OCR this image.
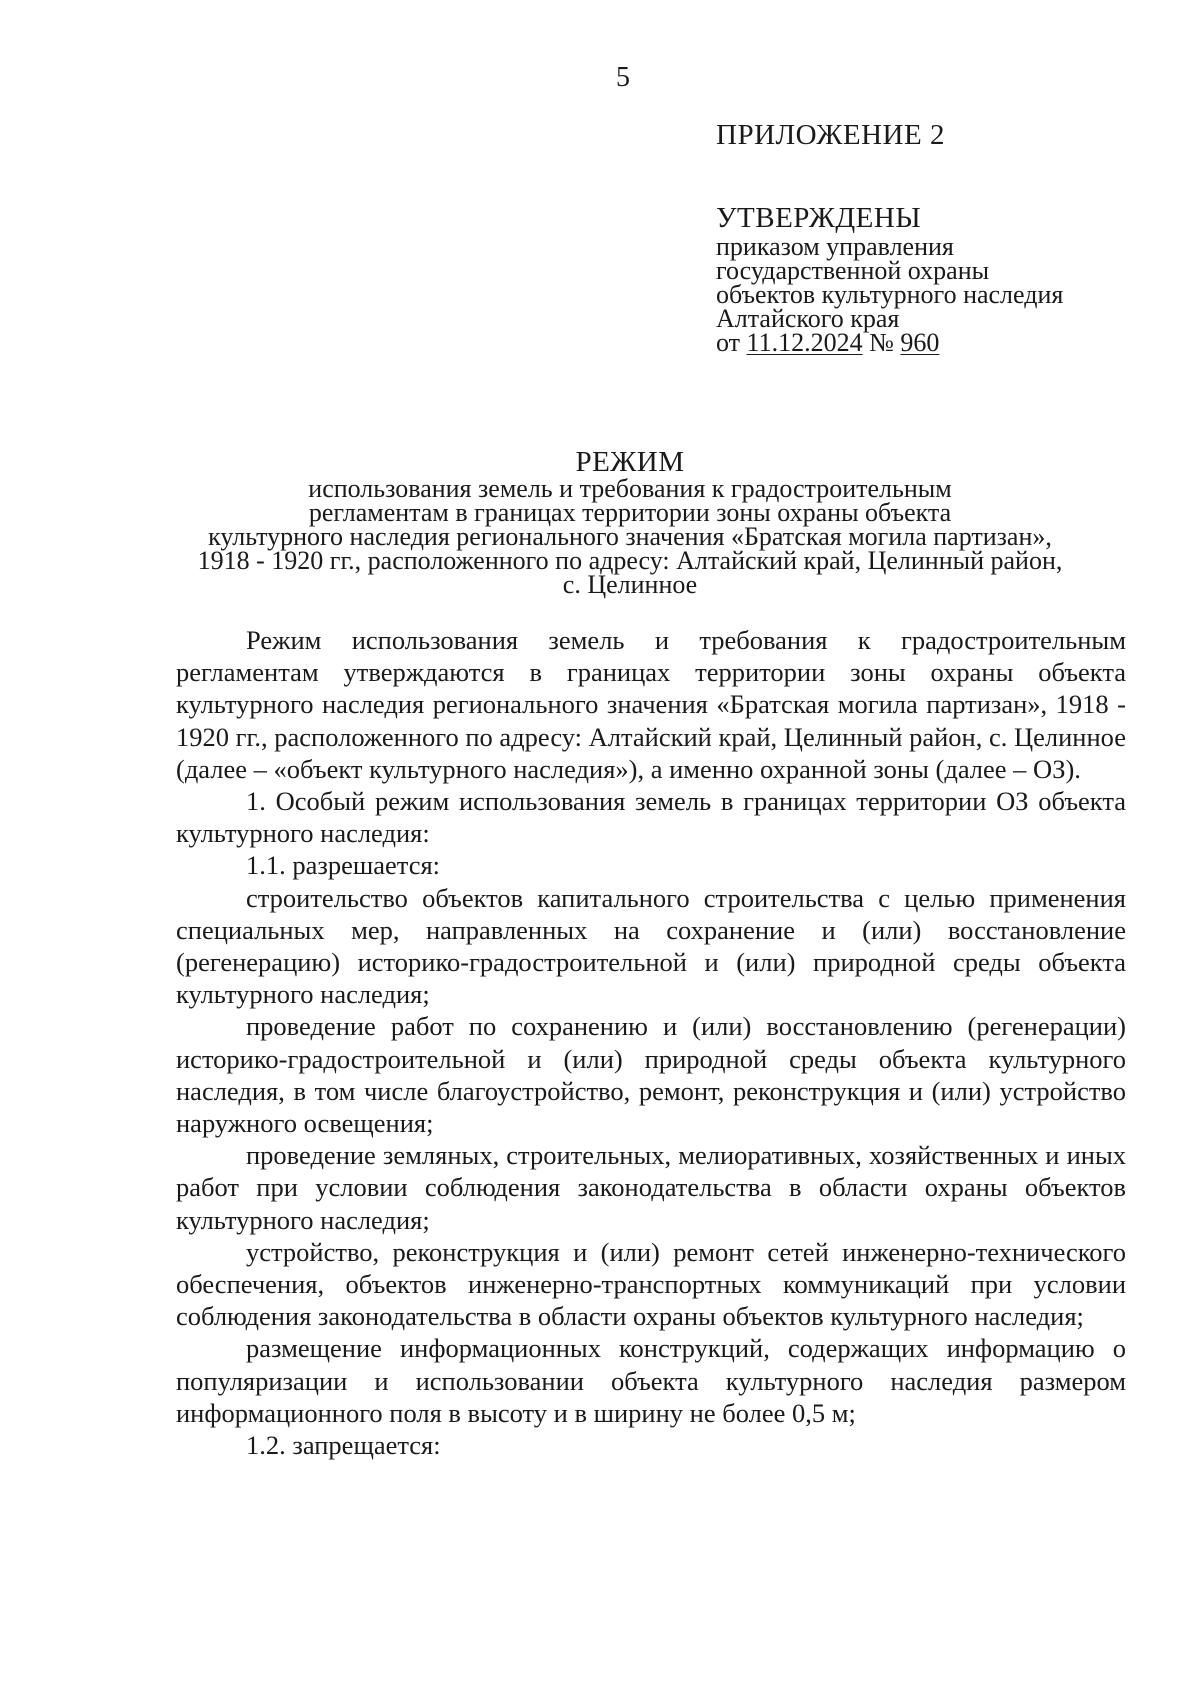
5
ПРИЛОЖЕНИЕ 2
УТВЕРЖДЕНЫ
приказом управления
государственной охраны
объектов культурного наследия
Алтайского края
от 11.12.2024 № 960
РЕЖИМ
использования земель и требования к градостроительным
регламентам в границах территории зоны охраны объекта
культурного наследия регионального значения «Братская могила партизан»,
1918 - 1920 гг., расположенного по адресу: Алтайский край, Целинный район,
с. Целинное

Режим использования земель и требования к градостроительным регламентам утверждаются в границах территории зоны охраны объекта культурного наследия регионального значения «Братская могила партизан», 1918 - 1920 гг., расположенного по адресу: Алтайский край, Целинный район, с. Целинное (далее – «объект культурного наследия»), а именно охранной зоны (далее – ОЗ).

1. Особый режим использования земель в границах территории ОЗ объекта культурного наследия:

1.1. разрешается:

строительство объектов капитального строительства с целью применения специальных мер, направленных на сохранение и (или) восстановление (регенерацию) историко-градостроительной и (или) природной среды объекта культурного наследия;

проведение работ по сохранению и (или) восстановлению (регенерации) историко-градостроительной и (или) природной среды объекта культурного наследия, в том числе благоустройство, ремонт, реконструкция и (или) устройство наружного освещения;

проведение земляных, строительных, мелиоративных, хозяйственных и иных работ при условии соблюдения законодательства в области охраны объектов культурного наследия;

устройство, реконструкция и (или) ремонт сетей инженерно-технического обеспечения, объектов инженерно-транспортных коммуникаций при условии соблюдения законодательства в области охраны объектов культурного наследия;

размещение информационных конструкций, содержащих информацию о популяризации и использовании объекта культурного наследия размером информационного поля в высоту и в ширину не более 0,5 м;

1.2. запрещается:
